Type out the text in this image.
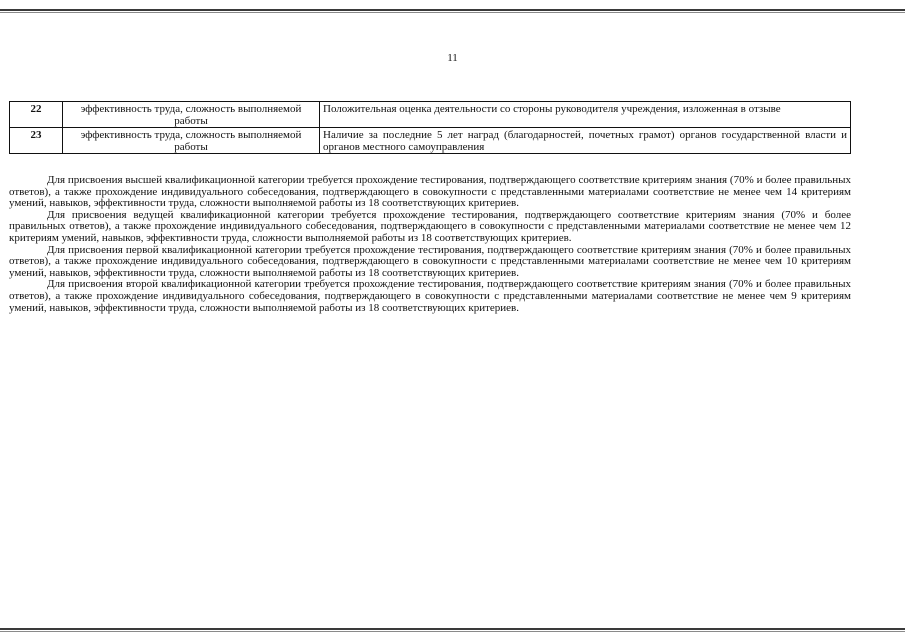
11
22	эффективность труда, сложность выполняемой работы	Положительная оценка деятельности со стороны руководителя учреждения, изложенная в отзыве
23	эффективность труда, сложность выполняемой работы	Наличие за последние 5 лет наград (благодарностей, почетных грамот) органов государственной власти и органов местного самоуправления

Для присвоения высшей квалификационной категории требуется прохождение тестирования, подтверждающего соответствие критериям знания (70% и более правильных ответов), а также прохождение индивидуального собеседования, подтверждающего в совокупности с представленными материалами соответствие не менее чем 14 критериям умений, навыков, эффективности труда, сложности выполняемой работы из 18 соответствующих критериев.

Для присвоения ведущей квалификационной категории требуется прохождение тестирования, подтверждающего соответствие критериям знания (70% и более правильных ответов), а также прохождение индивидуального собеседования, подтверждающего в совокупности с представленными материалами соответствие не менее чем 12 критериям умений, навыков, эффективности труда, сложности выполняемой работы из 18 соответствующих критериев.

Для присвоения первой квалификационной категории требуется прохождение тестирования, подтверждающего соответствие критериям знания (70% и более правильных ответов), а также прохождение индивидуального собеседования, подтверждающего в совокупности с представленными материалами соответствие не менее чем 10 критериям умений, навыков, эффективности труда, сложности выполняемой работы из 18 соответствующих критериев.

Для присвоения второй квалификационной категории требуется прохождение тестирования, подтверждающего соответствие критериям знания (70% и более правильных ответов), а также прохождение индивидуального собеседования, подтверждающего в совокупности с представленными материалами соответствие не менее чем 9 критериям умений, навыков, эффективности труда, сложности выполняемой работы из 18 соответствующих критериев.
